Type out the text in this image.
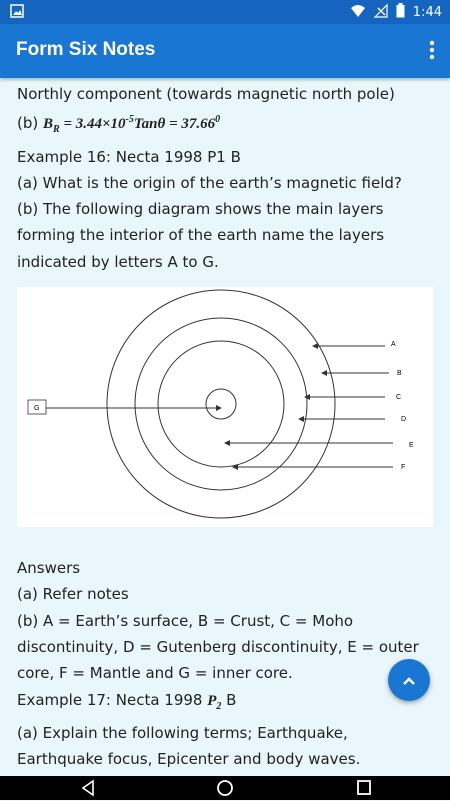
1:44
Form Six Notes

Northly component (towards magnetic north pole)

(b) $B_R = 3.44\times 10^{-5}Tan\theta = 37.66^0$

Example 16: Necta 1998 P1 B

(a) What is the origin of the earth’s magnetic field?

(b) The following diagram shows the main layers forming the interior of the earth name the layers indicated by letters A to G.

A
B
C
D
E
F
G

Answers

(a) Refer notes

(b) A = Earth’s surface, B = Crust, C = Moho discontinuity, D = Gutenberg discontinuity, E = outer core, F = Mantle and G = inner core.

Example 17: Necta 1998 $P_2$ B

(a) Explain the following terms; Earthquake, Earthquake focus, Epicenter and body waves.
